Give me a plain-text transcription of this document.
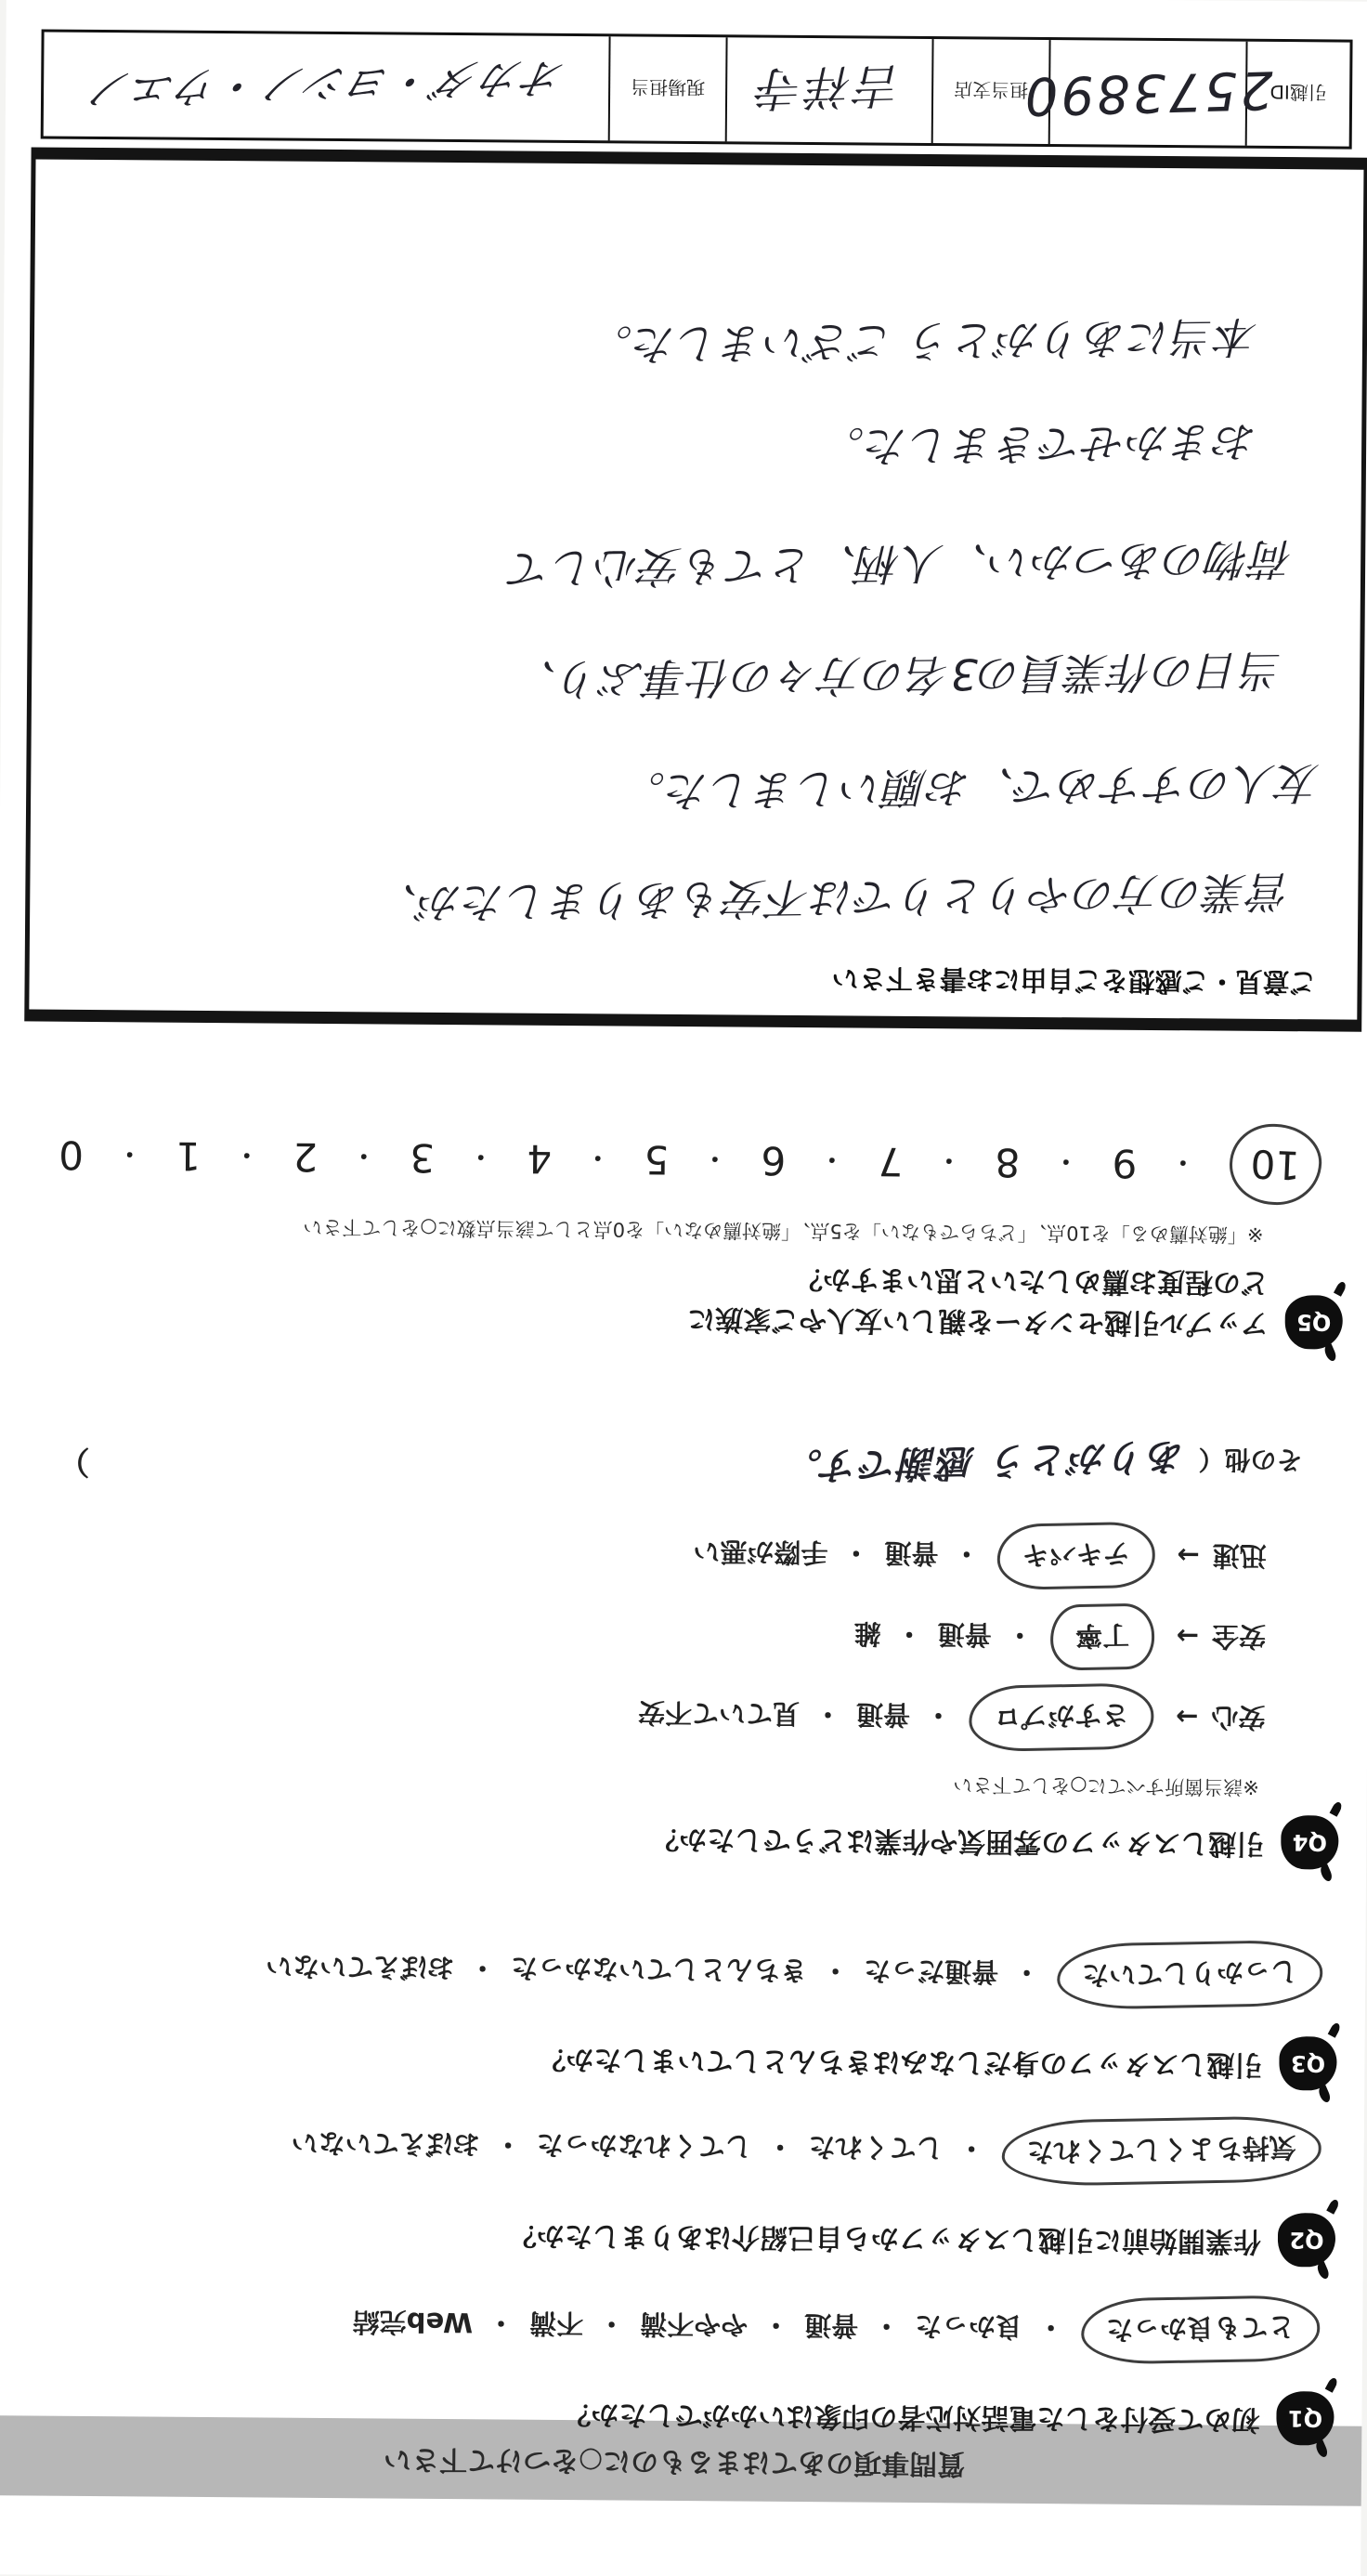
質問事項のあてはまるものに○をつけて下さい
Q1
初めて受付をした電話対応者の印象はいかがでしたか？
とても良かった・良かった・普通・やや不満・不満・Web完結
Q2
作業開始前に引越しスタッフから自己紹介はありましたか？
気持ちよくしてくれた・してくれた・してくれなかった・おぼえていない
Q3
引越しスタッフの身だしなみはきちんとしていましたか？
しっかりしていた・普通だった・きちんとしていなかった・おぼえていない
Q4
引越しスタッフの雰囲気や作業はどうでしたか？
※該当箇所すべてに○をして下さい
安心→さすがプロ・普通・見ていて不安
安全→丁寧・普通・雑
迅速→テキパキ・普通・手際が悪い
その他（ありがとう 感謝です。
）
Q5
アップル引越センターを親しい友人やご家族に
どの程度お薦めしたいと思いますか？
※「絶対薦める」を10点、「どちらでもない」を5点、「絶対薦めない」を0点として該当点数に○をして下さい
10
・
9
・
8
・
7
・
6
・
5
・
4
・
3
・
2
・
1
・
0
ご意見・ご感想をご自由にお書き下さい
営業の方のやりとりでは不安もありましたが、
友人のすすめで、お願いしました。
当日の作業員の3名の方々の仕事ぶり、
荷物のあつかい、人柄、とても安心して
おまかせできました。
本当にありがとう ございました。
引越ID
2573890
担当支店
吉祥寺
現場担当
オカダ・ヨシノ・ウエノ
